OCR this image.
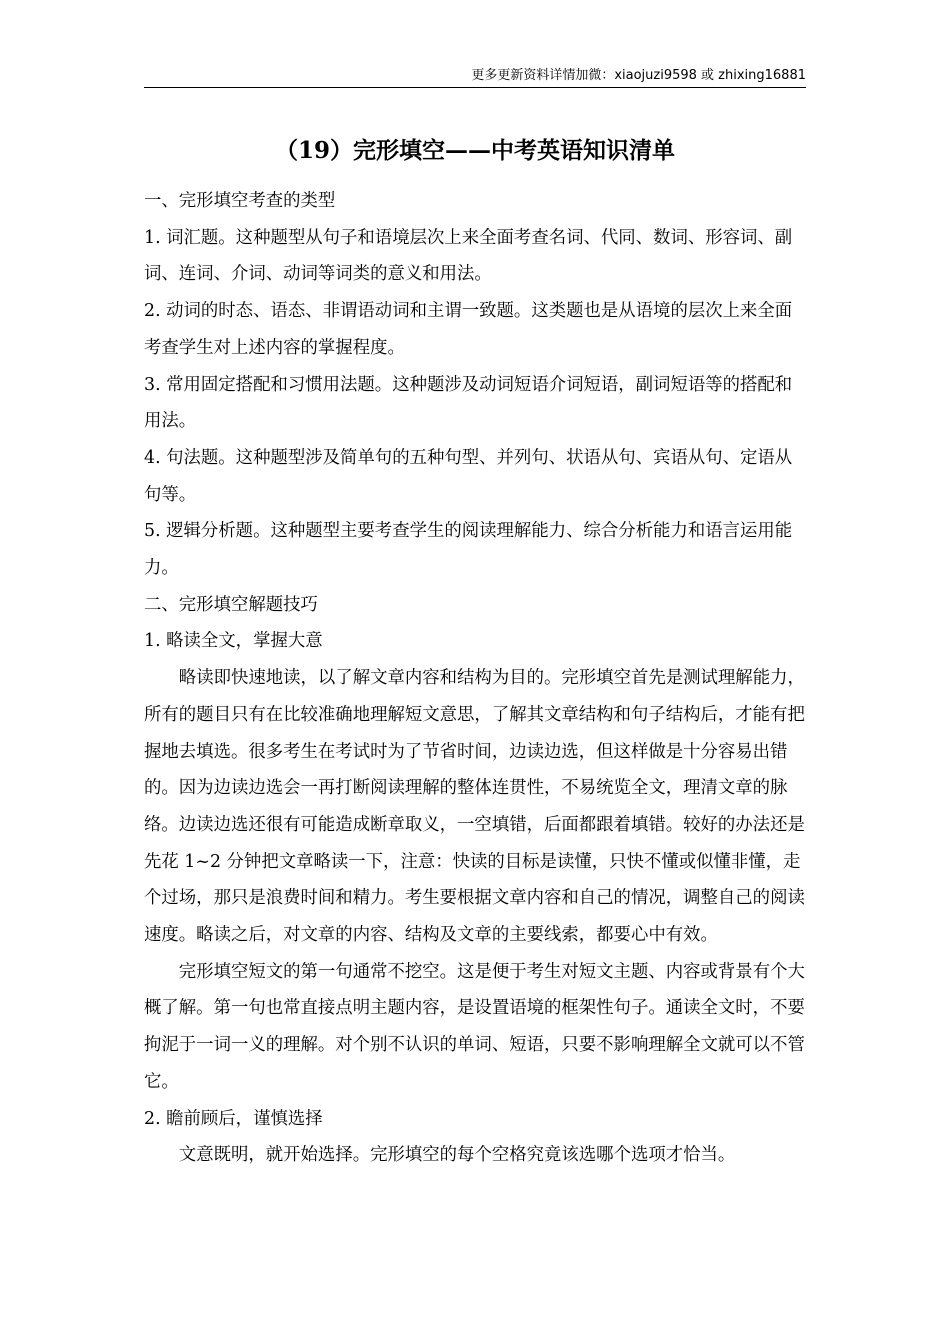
更多更新资料详情加微：xiaojuzi9598 或 zhixing16881
（19）完形填空——中考英语知识清单

一、完形填空考查的类型

1. 词汇题。这种题型从句子和语境层次上来全面考查名词、代同、数词、形容词、副词、连词、介词、动词等词类的意义和用法。

2. 动词的时态、语态、非谓语动词和主谓一致题。这类题也是从语境的层次上来全面考查学生对上述内容的掌握程度。

3. 常用固定搭配和习惯用法题。这种题涉及动词短语介词短语，副词短语等的搭配和用法。

4. 句法题。这种题型涉及简单句的五种句型、并列句、状语从句、宾语从句、定语从句等。

5. 逻辑分析题。这种题型主要考查学生的阅读理解能力、综合分析能力和语言运用能力。

二、完形填空解题技巧

1. 略读全文，掌握大意

略读即快速地读，以了解文章内容和结构为目的。完形填空首先是测试理解能力，所有的题目只有在比较准确地理解短文意思，了解其文章结构和句子结构后，才能有把握地去填选。很多考生在考试时为了节省时间，边读边选，但这样做是十分容易出错的。因为边读边选会一再打断阅读理解的整体连贯性，不易统览全文，理清文章的脉络。边读边选还很有可能造成断章取义，一空填错，后面都跟着填错。较好的办法还是先花 1~2 分钟把文章略读一下，注意：快读的目标是读懂，只快不懂或似懂非懂，走个过场，那只是浪费时间和精力。考生要根据文章内容和自己的情况，调整自己的阅读速度。略读之后，对文章的内容、结构及文章的主要线索，都要心中有效。

完形填空短文的第一句通常不挖空。这是便于考生对短文主题、内容或背景有个大概了解。第一句也常直接点明主题内容，是设置语境的框架性句子。通读全文时，不要拘泥于一词一义的理解。对个别不认识的单词、短语，只要不影响理解全文就可以不管它。

2. 瞻前顾后，谨慎选择

文意既明，就开始选择。完形填空的每个空格究竟该选哪个选项才恰当。
